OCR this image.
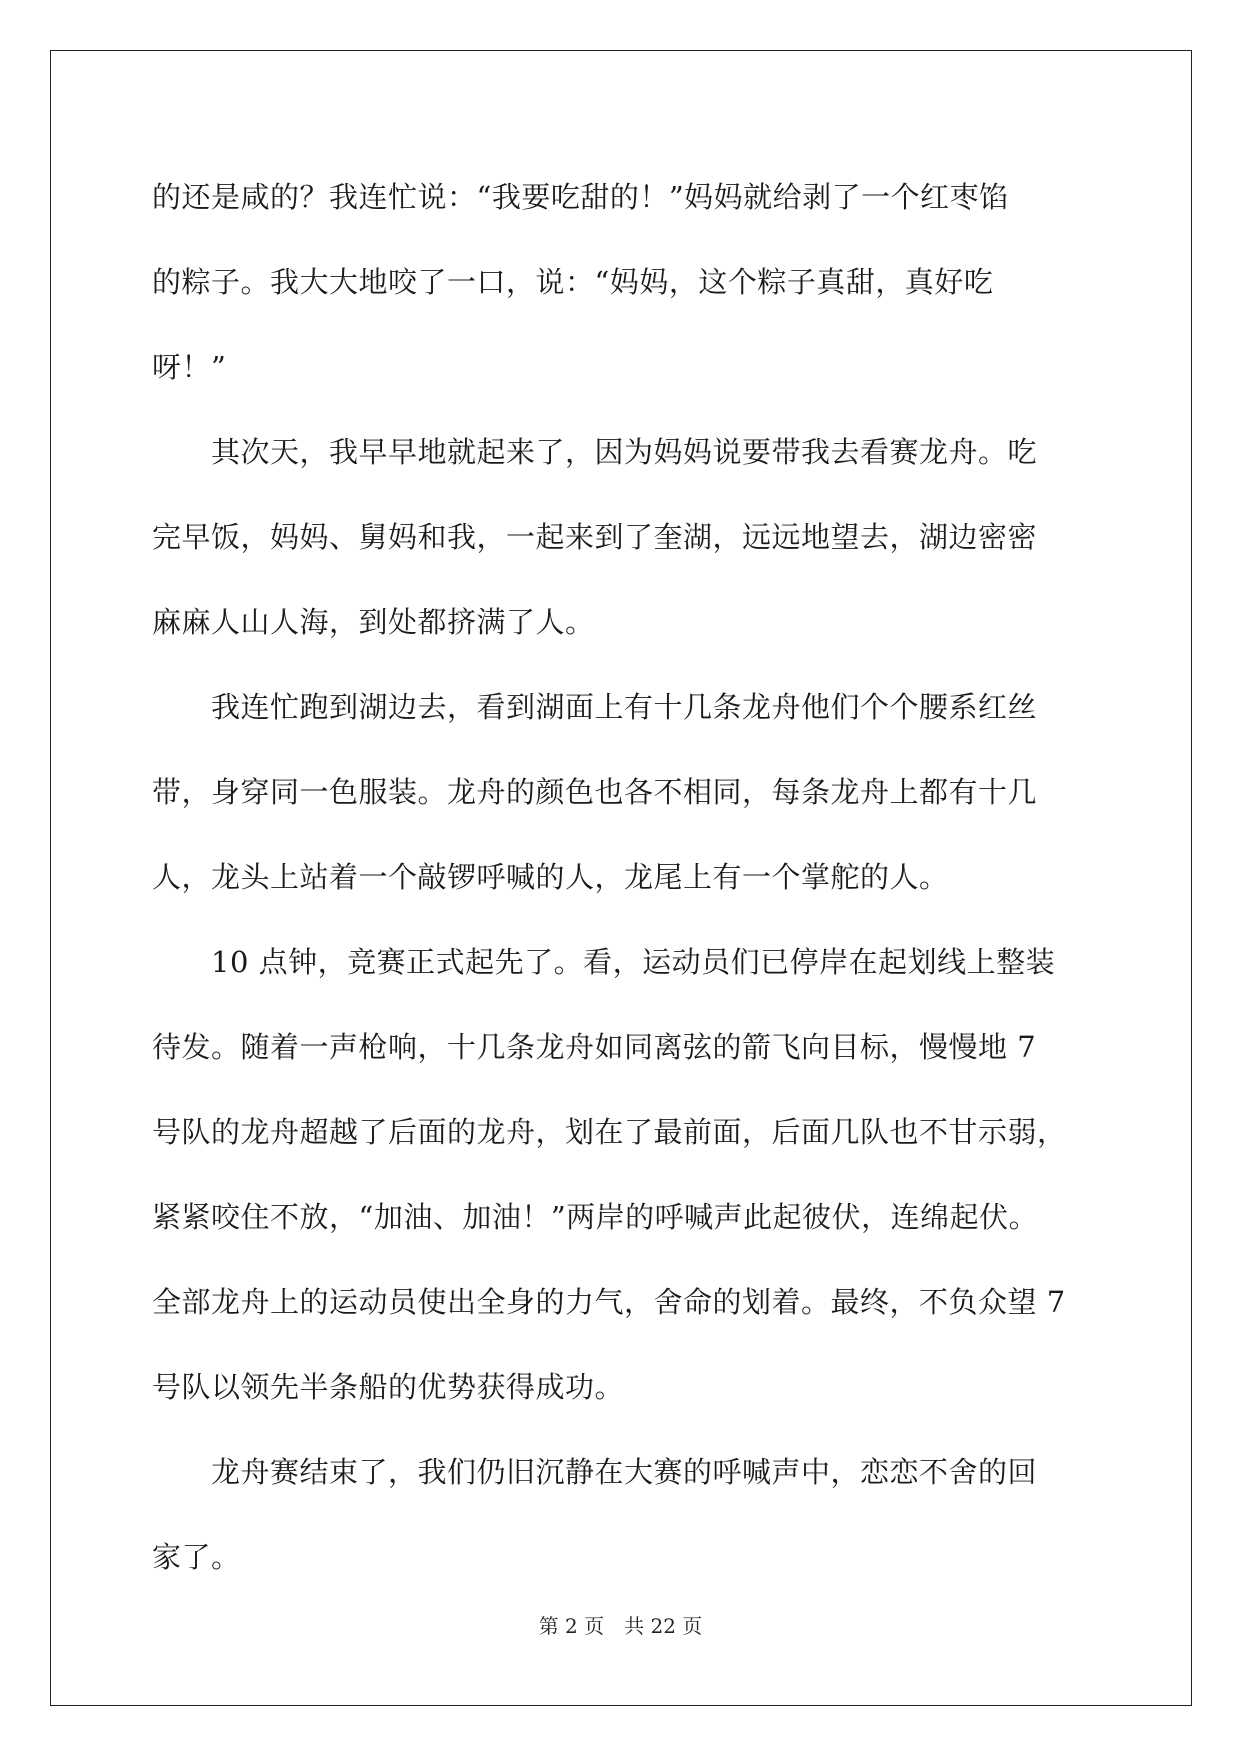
的还是咸的？我连忙说：“我要吃甜的！”妈妈就给剥了一个红枣馅
的粽子。我大大地咬了一口，说：“妈妈，这个粽子真甜，真好吃
呀！”
　　其次天，我早早地就起来了，因为妈妈说要带我去看赛龙舟。吃
完早饭，妈妈、舅妈和我，一起来到了奎湖，远远地望去，湖边密密
麻麻人山人海，到处都挤满了人。
　　我连忙跑到湖边去，看到湖面上有十几条龙舟他们个个腰系红丝
带，身穿同一色服装。龙舟的颜色也各不相同，每条龙舟上都有十几
人，龙头上站着一个敲锣呼喊的人，龙尾上有一个掌舵的人。
　　10 点钟，竞赛正式起先了。看，运动员们已停岸在起划线上整装
待发。随着一声枪响，十几条龙舟如同离弦的箭飞向目标，慢慢地 7
号队的龙舟超越了后面的龙舟，划在了最前面，后面几队也不甘示弱，
紧紧咬住不放，“加油、加油！”两岸的呼喊声此起彼伏，连绵起伏。
全部龙舟上的运动员使出全身的力气，舍命的划着。最终，不负众望 7
号队以领先半条船的优势获得成功。
　　龙舟赛结束了，我们仍旧沉静在大赛的呼喊声中，恋恋不舍的回
家了。
第 2 页　共 22 页
